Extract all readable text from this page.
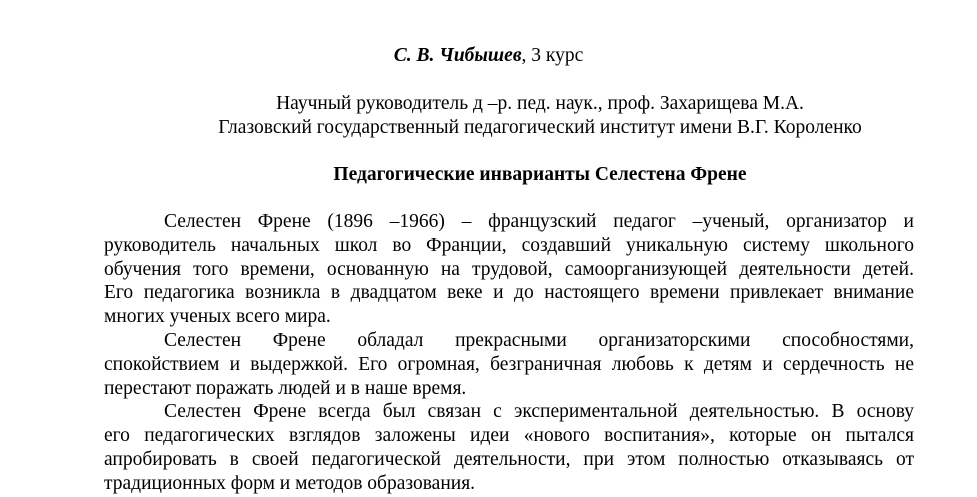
С. В. Чибышев, 3 курс
Научный руководитель д –р. пед. наук., проф. Захарищева М.А.
Глазовский государственный педагогический институт имени В.Г. Короленко
Педагогические инварианты Селестена Френе

Селестен Френе (1896 –1966) – французский педагог –ученый, организатор и
руководитель начальных школ во Франции, создавший уникальную систему школьного
обучения того времени, основанную на трудовой, самоорганизующей деятельности детей.
Его педагогика возникла в двадцатом веке и до настоящего времени привлекает внимание
многих ученых всего мира.

Селестен Френе обладал прекрасными организаторскими способностями,
спокойствием и выдержкой. Его огромная, безграничная любовь к детям и сердечность не
перестают поражать людей и в наше время.

Селестен Френе всегда был связан с экспериментальной деятельностью. В основу
его педагогических взглядов заложены идеи «нового воспитания», которые он пытался
апробировать в своей педагогической деятельности, при этом полностью отказываясь от
традиционных форм и методов образования.
